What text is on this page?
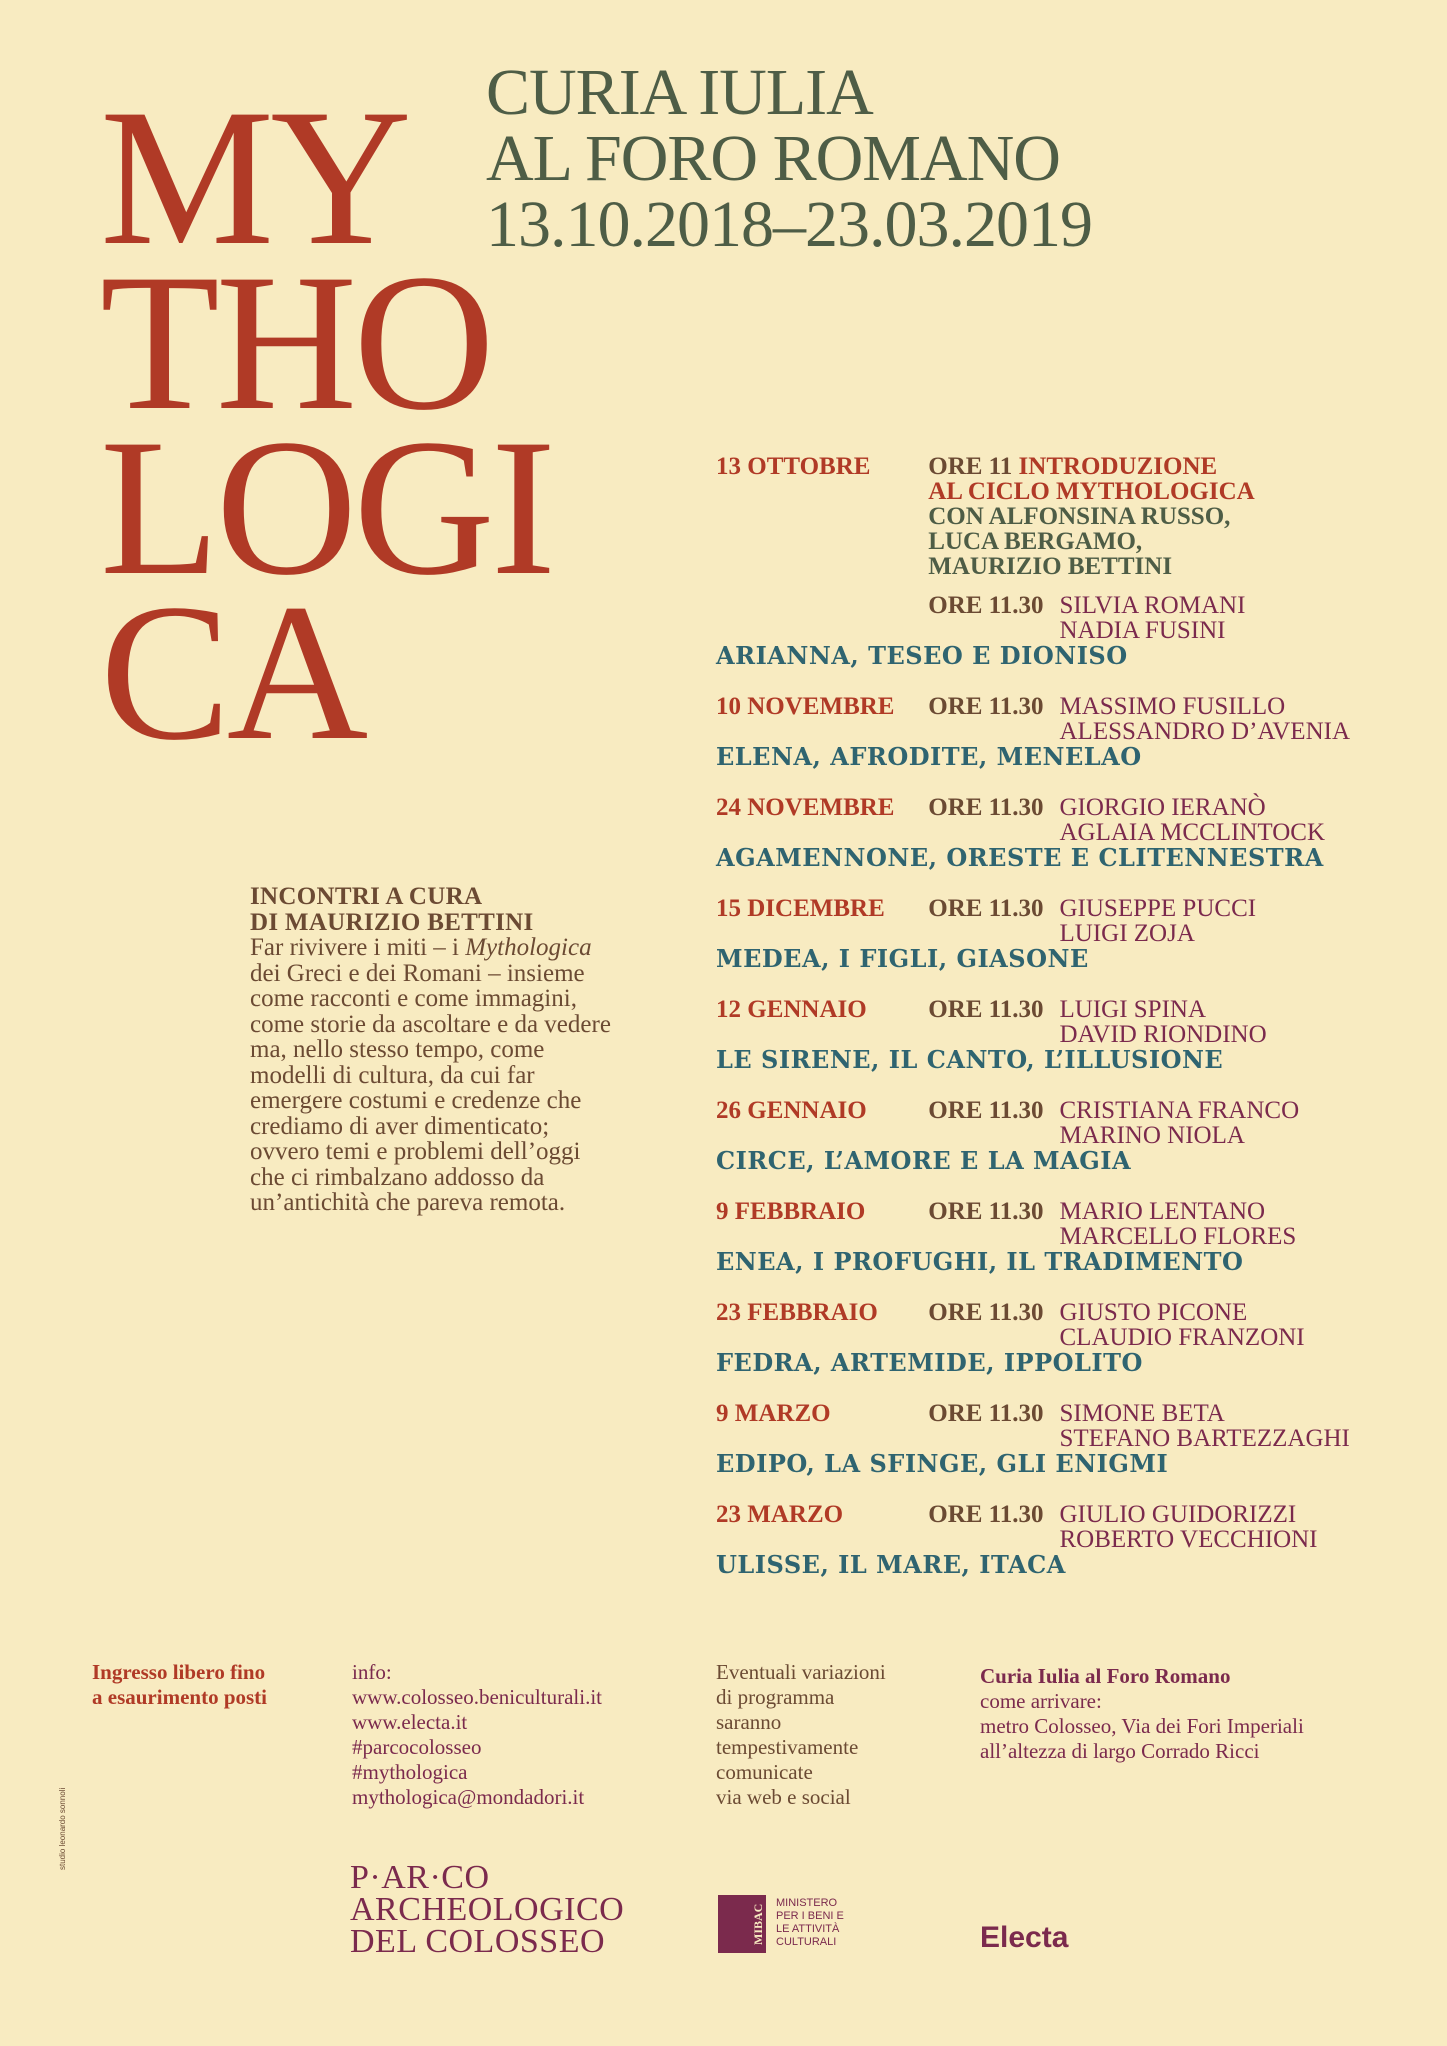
MY
THO
LOGI
CA
CURIA IULIA
AL FORO ROMANO
13.10.2018–23.03.2019
INCONTRI A CURA
DI MAURIZIO BETTINI
Far rivivere i miti – i Mythologica
dei Greci e dei Romani – insieme
come racconti e come immagini,
come storie da ascoltare e da vedere
ma, nello stesso tempo, come
modelli di cultura, da cui far
emergere costumi e credenze che
crediamo di aver dimenticato;
ovvero temi e problemi dell’oggi
che ci rimbalzano addosso da
un’antichità che pareva remota.
13 OTTOBRE ORE 11 INTRODUZIONE
AL CICLO MYTHOLOGICA
CON ALFONSINA RUSSO,
LUCA BERGAMO,
MAURIZIO BETTINI
ORE 11.30 SILVIA ROMANI
NADIA FUSINI
ARIANNA, TESEO E DIONISO
10 NOVEMBRE ORE 11.30 MASSIMO FUSILLO
ALESSANDRO D’AVENIA
ELENA, AFRODITE, MENELAO
24 NOVEMBRE ORE 11.30 GIORGIO IERANÒ
AGLAIA MCCLINTOCK
AGAMENNONE, ORESTE E CLITENNESTRA
15 DICEMBRE ORE 11.30 GIUSEPPE PUCCI
LUIGI ZOJA
MEDEA, I FIGLI, GIASONE
12 GENNAIO ORE 11.30 LUIGI SPINA
DAVID RIONDINO
LE SIRENE, IL CANTO, L’ILLUSIONE
26 GENNAIO ORE 11.30 CRISTIANA FRANCO
MARINO NIOLA
CIRCE, L’AMORE E LA MAGIA
9 FEBBRAIO	ORE 11.30 MARIO LENTANO
MARCELLO FLORES
ENEA, I PROFUGHI, IL TRADIMENTO
23 FEBBRAIO ORE 11.30 GIUSTO PICONE
CLAUDIO FRANZONI
FEDRA, ARTEMIDE, IPPOLITO
9 MARZO	ORE 11.30 SIMONE BETA
STEFANO BARTEZZAGHI
EDIPO, LA SFINGE, GLI ENIGMI
23 MARZO	ORE 11.30 GIULIO GUIDORIZZI
ROBERTO VECCHIONI
ULISSE, IL MARE, ITACA
Ingresso libero fino
a esaurimento posti
info:
www.colosseo.beniculturali.it
www.electa.it
#parcocolosseo
#mythologica
mythologica@mondadori.it
Eventuali variazioni
di programma
saranno
tempestivamente
comunicate
via web e social
Curia Iulia al Foro Romano
come arrivare:
metro Colosseo, Via dei Fori Imperiali
all’altezza di largo Corrado Ricci
P·AR·CO
ARCHEOLOGICO
DEL COLOSSEO	MIBAC
MINISTERO
PER I BENI E
LE ATTIVITÀ
CULTURALI	Electa
studio leonardo sonnoli
